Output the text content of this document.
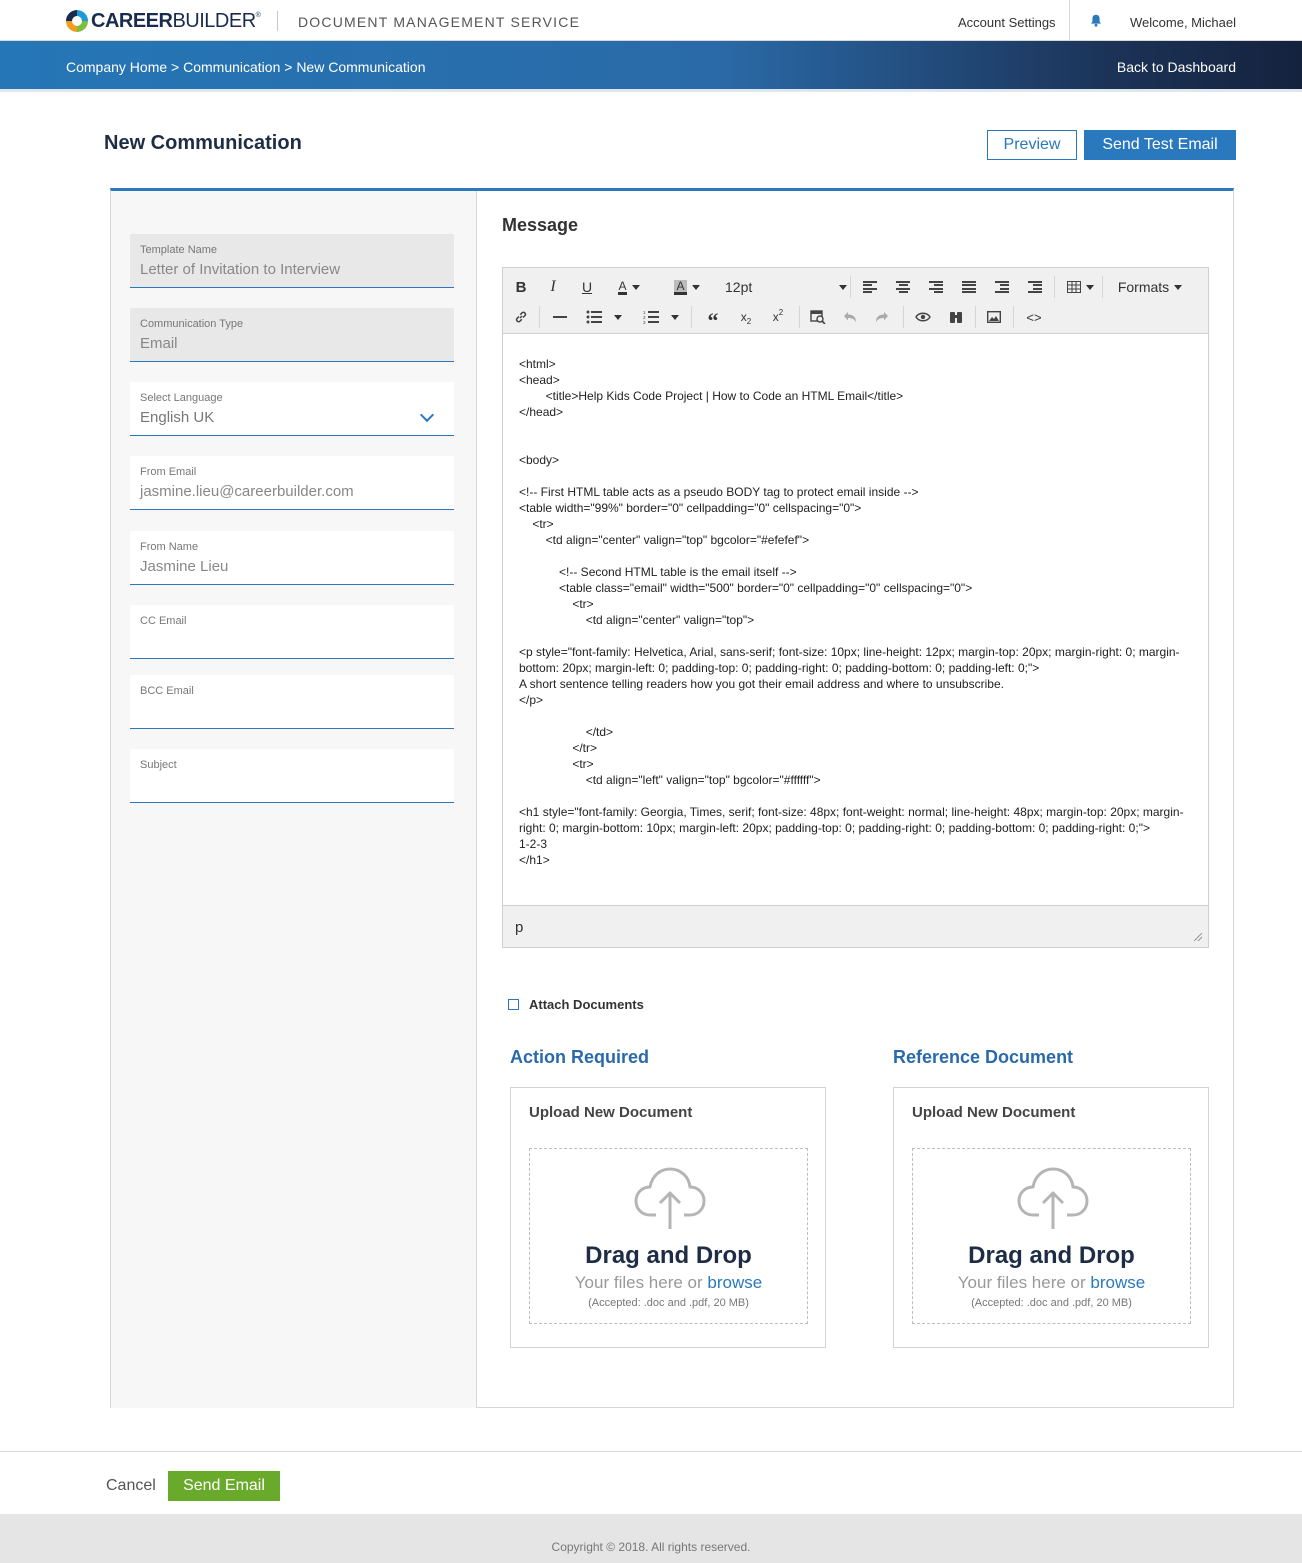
CAREERBUILDER®	DOCUMENT MANAGEMENT SERVICE	Account Settings	Welcome, Michael
Company Home > Communication > New Communication	Back to Dashboard
New Communication	Preview	Send Test Email
Template Name
Letter of Invitation to Interview
Communication Type
Email
Select Language
English UK
From Email
jasmine.lieu@careerbuilder.com
From Name
Jasmine Lieu
CC Email
BCC Email
Subject
Message
B	I	U	A	A	12pt	Formats
1
2
3	“	x 2	x 2	<>
<html>
<head>
<title>Help Kids Code Project | How to Code an HTML Email</title>
</head>

<body>

<!-- First HTML table acts as a pseudo BODY tag to protect email inside -->
<table width="99%" border="0" cellpadding="0" cellspacing="0">
<tr>
<td align="center" valign="top" bgcolor="#efefef">

<!-- Second HTML table is the email itself -->
<table class="email" width="500" border="0" cellpadding="0" cellspacing="0">
<tr>
<td align="center" valign="top">

<p style="font-family: Helvetica, Arial, sans-serif; font-size: 10px; line-height: 12px; margin-top: 20px; margin-right: 0; margin-bottom: 20px; margin-left: 0; padding-top: 0; padding-right: 0; padding-bottom: 0; padding-left: 0;">
A short sentence telling readers how you got their email address and where to unsubscribe.
</p>

</td>
</tr>
<tr>
<td align="left" valign="top" bgcolor="#ffffff">

<h1 style="font-family: Georgia, Times, serif; font-size: 48px; font-weight: normal; line-height: 48px; margin-top: 20px; margin-right: 0; margin-bottom: 10px; margin-left: 20px; padding-top: 0; padding-right: 0; padding-bottom: 0; padding-right: 0;">
1-2-3
</h1>
p
Attach Documents
Action Required	Reference Document
Upload New Document
Drag and Drop
Your files here or browse
(Accepted: .doc and .pdf, 20 MB)
Upload New Document
Drag and Drop
Your files here or browse
(Accepted: .doc and .pdf, 20 MB)
Cancel	Send Email
Copyright © 2018. All rights reserved.
